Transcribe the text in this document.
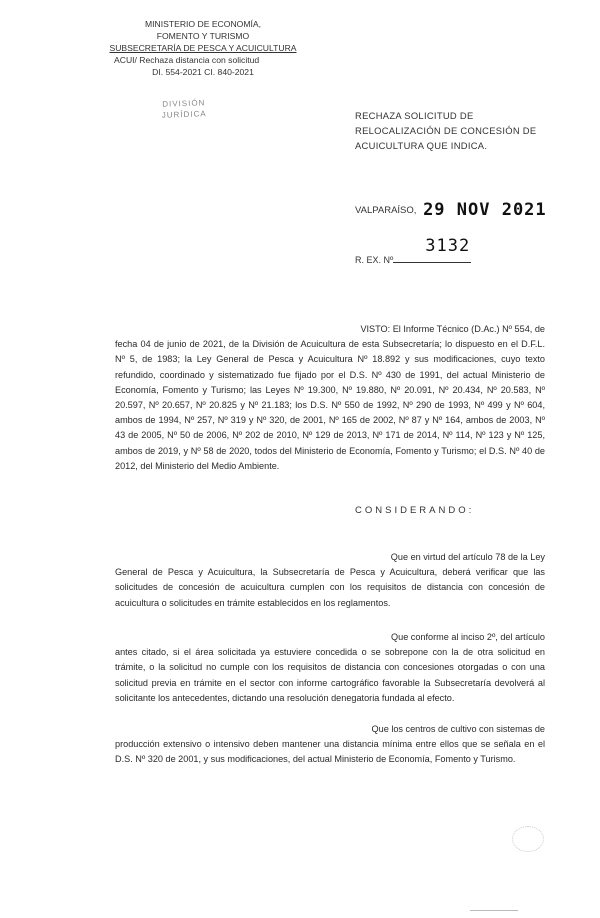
MINISTERIO DE ECONOMÍA,
FOMENTO Y TURISMO
SUBSECRETARÍA DE PESCA Y ACUICULTURA
ACUI/ Rechaza distancia con solicitud
DI. 554-2021 CI. 840-2021
DIVISIÓN
JURÍDICA	RECHAZA SOLICITUD DE RELOCALIZACIÓN DE CONCESIÓN DE ACUICULTURA QUE INDICA.
VALPARAÍSO, 29 NOV 2021
R. EX. Nº
3132
VISTO: El Informe Técnico (D.Ac.) Nº 554, de
fecha 04 de junio de 2021, de la División de Acuicultura de esta Subsecretaría; lo dispuesto en el D.F.L. Nº 5, de 1983; la Ley General de Pesca y Acuicultura Nº 18.892 y sus modificaciones, cuyo texto refundido, coordinado y sistematizado fue fijado por el D.S. Nº 430 de 1991, del actual Ministerio de Economía, Fomento y Turismo; las Leyes Nº 19.300, Nº 19.880, Nº 20.091, Nº 20.434, Nº 20.583, Nº 20.597, Nº 20.657, Nº 20.825 y Nº 21.183; los D.S. Nº 550 de 1992, Nº 290 de 1993, Nº 499 y Nº 604, ambos de 1994, Nº 257, Nº 319 y Nº 320, de 2001, Nº 165 de 2002, Nº 87 y Nº 164, ambos de 2003, Nº 43 de 2005, Nº 50 de 2006, Nº 202 de 2010, Nº 129 de 2013, Nº 171 de 2014, Nº 114, Nº 123 y Nº 125, ambos de 2019, y Nº 58 de 2020, todos del Ministerio de Economía, Fomento y Turismo; el D.S. Nº 40 de 2012, del Ministerio del Medio Ambiente.
CONSIDERANDO:
Que en virtud del artículo 78 de la Ley
General de Pesca y Acuicultura, la Subsecretaría de Pesca y Acuicultura, deberá verificar que las solicitudes de concesión de acuicultura cumplen con los requisitos de distancia con concesión de acuicultura o solicitudes en trámite establecidos en los reglamentos.
Que conforme al inciso 2º, del artículo
antes citado, si el área solicitada ya estuviere concedida o se sobrepone con la de otra solicitud en trámite, o la solicitud no cumple con los requisitos de distancia con concesiones otorgadas o con una solicitud previa en trámite en el sector con informe cartográfico favorable la Subsecretaría devolverá al solicitante los antecedentes, dictando una resolución denegatoria fundada al efecto.
Que los centros de cultivo con sistemas de
producción extensivo o intensivo deben mantener una distancia mínima entre ellos que se señala en el D.S. Nº 320 de 2001, y sus modificaciones, del actual Ministerio de Economía, Fomento y Turismo.
